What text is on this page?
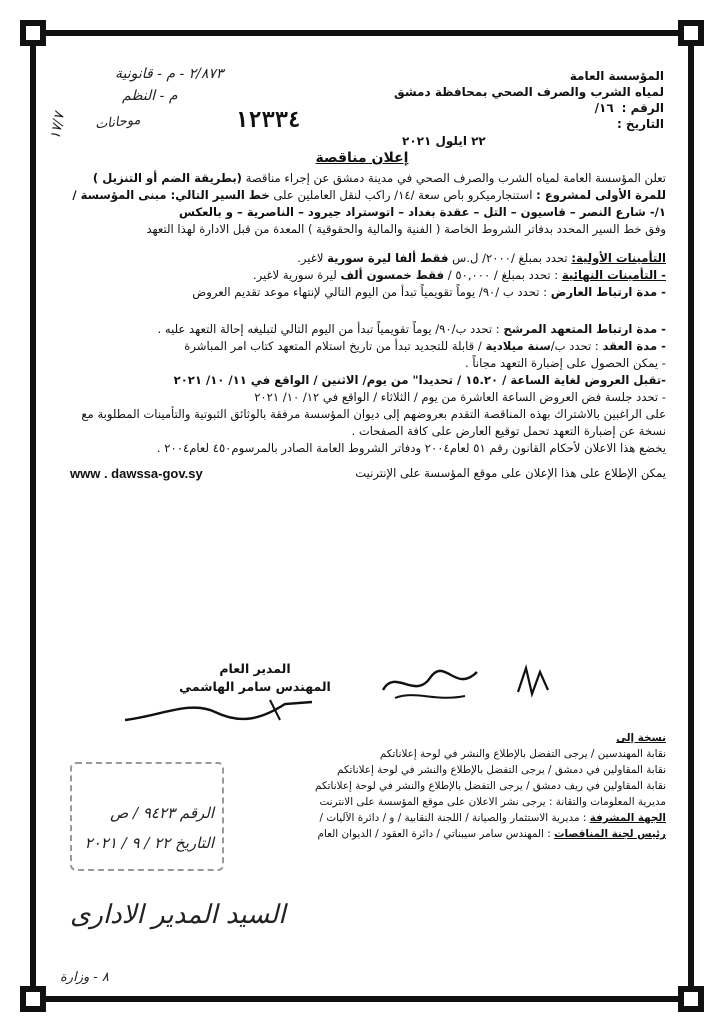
المؤسسة العامة
لمياه الشرب والصرف الصحي بمحافظة دمشق
الرقم :
١٦/
التاريخ :
٢٢ ايلول ٢٠٢١
٢/٨٧٣ - م - قانونية
م - النظم
موحانات
١٧/٧	١٢٣٣٤
إعلان مناقصة

تعلن المؤسسة العامة لمياه الشرب والصرف الصحي في مدينة دمشق عن إجراء مناقصة (بطريقة الضم أو التنزيل ) للمرة الأولى لمشروع : استنجارميكرو باص سعة /١٤/ راكب لنقل العاملين على خط السير التالي: مبنى المؤسسة /١/- شارع النصر – قاسيون – التل – عقدة بغداد – اتوستراد جيرود – الناصرية – و بالعكس

وفق خط السير المحدد بدفاتر الشروط الخاصة ( الفنية والمالية والحقوقية ) المعدة من قبل الادارة لهذا التعهد

التأمينات الأولية: تحدد بمبلغ /٢٠٠٠/ ل.س فقط ألفا ليرة سورية لاغير.

- التأمينات النهائية : تحدد بمبلغ / ٥٠,٠٠٠ / فقط خمسون ألف ليرة سورية لاغير.

- مدة ارتباط العارض : تحدد ب /٩٠/ يوماً تقويمياً تبدأ من اليوم التالي لإنتهاء موعد تقديم العروض

- مدة ارتباط المتعهد المرشح : تحدد ب/٩٠/ يوماً تقويمياً تبدأ من اليوم التالي لتبليغه إحالة التعهد عليه .

- مدة العقد : تحدد ب/سنة ميلادية / قابلة للتجديد تبدأ من تاريخ استلام المتعهد كتاب امر المباشرة

- يمكن الحصول على إضبارة التعهد مجاناً .

-تقبل العروض لغاية الساعة / ١٥.٢٠ / تحديدا" من يوم/ الاثنين / الواقع في ١١/ ١٠/ ٢٠٢١

- تحدد جلسة فض العروض الساعة العاشرة من يوم / الثلاثاء / الواقع في ١٢/ ١٠/ ٢٠٢١

على الراغبين بالاشتراك بهذه المناقصة التقدم بعروضهم إلى ديوان المؤسسة مرفقة بالوثائق الثبوتية والتأمينات المطلوبة مع نسخة عن إضبارة التعهد تحمل توقيع العارض على كافة الصفحات .

يخضع هذا الاعلان لأحكام القانون رقم ٥١ لعام٢٠٠٤ ودفاتر الشروط العامة الصادر بالمرسوم٤٥٠ لعام٢٠٠٤ .

يمكن الإطلاع على هذا الإعلان على موقع المؤسسة على الإنترنيت
www . dawssa-gov.sy
المدير العام
المهندس سامر الهاشمي

نسخة إلى

نقابة المهندسين / يرجى التفضل بالإطلاع والنشر في لوحة إعلاناتكم

نقابة المقاولين في دمشق / يرجى التفضل بالإطلاع والنشر في لوحة إعلاناتكم

نقابة المقاولين في ريف دمشق / يرجى التفضل بالإطلاع والنشر في لوحة إعلاناتكم

مديرية المعلومات والتقانة : يرجى نشر الاعلان على موقع المؤسسة على الانترنت

الجهة المشرفة : مديرية الاستثمار والصيانة / اللجنة النقابية / و / دائرة الآليات /

رئيس لجنة المناقصات : المهندس سامر سيبناتي / دائرة العقود / الديوان العام

الرقم ٩٤٢٣ / ص
التاريخ ٢٢ / ٩ / ٢٠٢١
السيد المدير الادارى
٨ - وزارة
